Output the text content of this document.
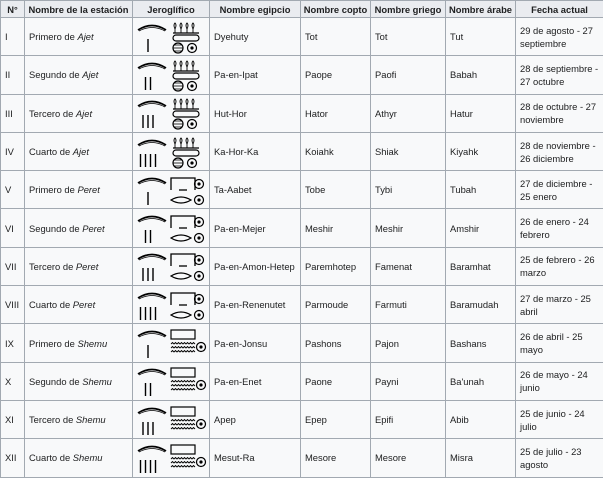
N°	Nombre de la estación	Jeroglífico	Nombre egipcio	Nombre copto	Nombre griego	Nombre árabe	Fecha actual
I	Primero de Ajet		Dyehuty	Tot	Tot	Tut	29 de agosto - 27 septiembre
II	Segundo de Ajet		Pa-en-Ipat	Paope	Paofi	Babah	28 de septiembre - 27 octubre
III	Tercero de Ajet		Hut-Hor	Hator	Athyr	Hatur	28 de octubre - 27 noviembre
IV	Cuarto de Ajet		Ka-Hor-Ka	Koiahk	Shiak	Kiyahk	28 de noviembre - 26 diciembre
V	Primero de Peret		Ta-Aabet	Tobe	Tybi	Tubah	27 de diciembre - 25 enero
VI	Segundo de Peret		Pa-en-Mejer	Meshir	Meshir	Amshir	26 de enero - 24 febrero
VII	Tercero de Peret		Pa-en-Amon-Hetep	Paremhotep	Famenat	Baramhat	25 de febrero - 26 marzo
VIII	Cuarto de Peret		Pa-en-Renenutet	Parmoude	Farmuti	Baramudah	27 de marzo - 25 abril
IX	Primero de Shemu		Pa-en-Jonsu	Pashons	Pajon	Bashans	26 de abril - 25 mayo
X	Segundo de Shemu		Pa-en-Enet	Paone	Payni	Ba'unah	26 de mayo - 24 junio
XI	Tercero de Shemu		Apep	Epep	Epifi	Abib	25 de junio - 24 julio
XII	Cuarto de Shemu		Mesut-Ra	Mesore	Mesore	Misra	25 de julio - 23 agosto
